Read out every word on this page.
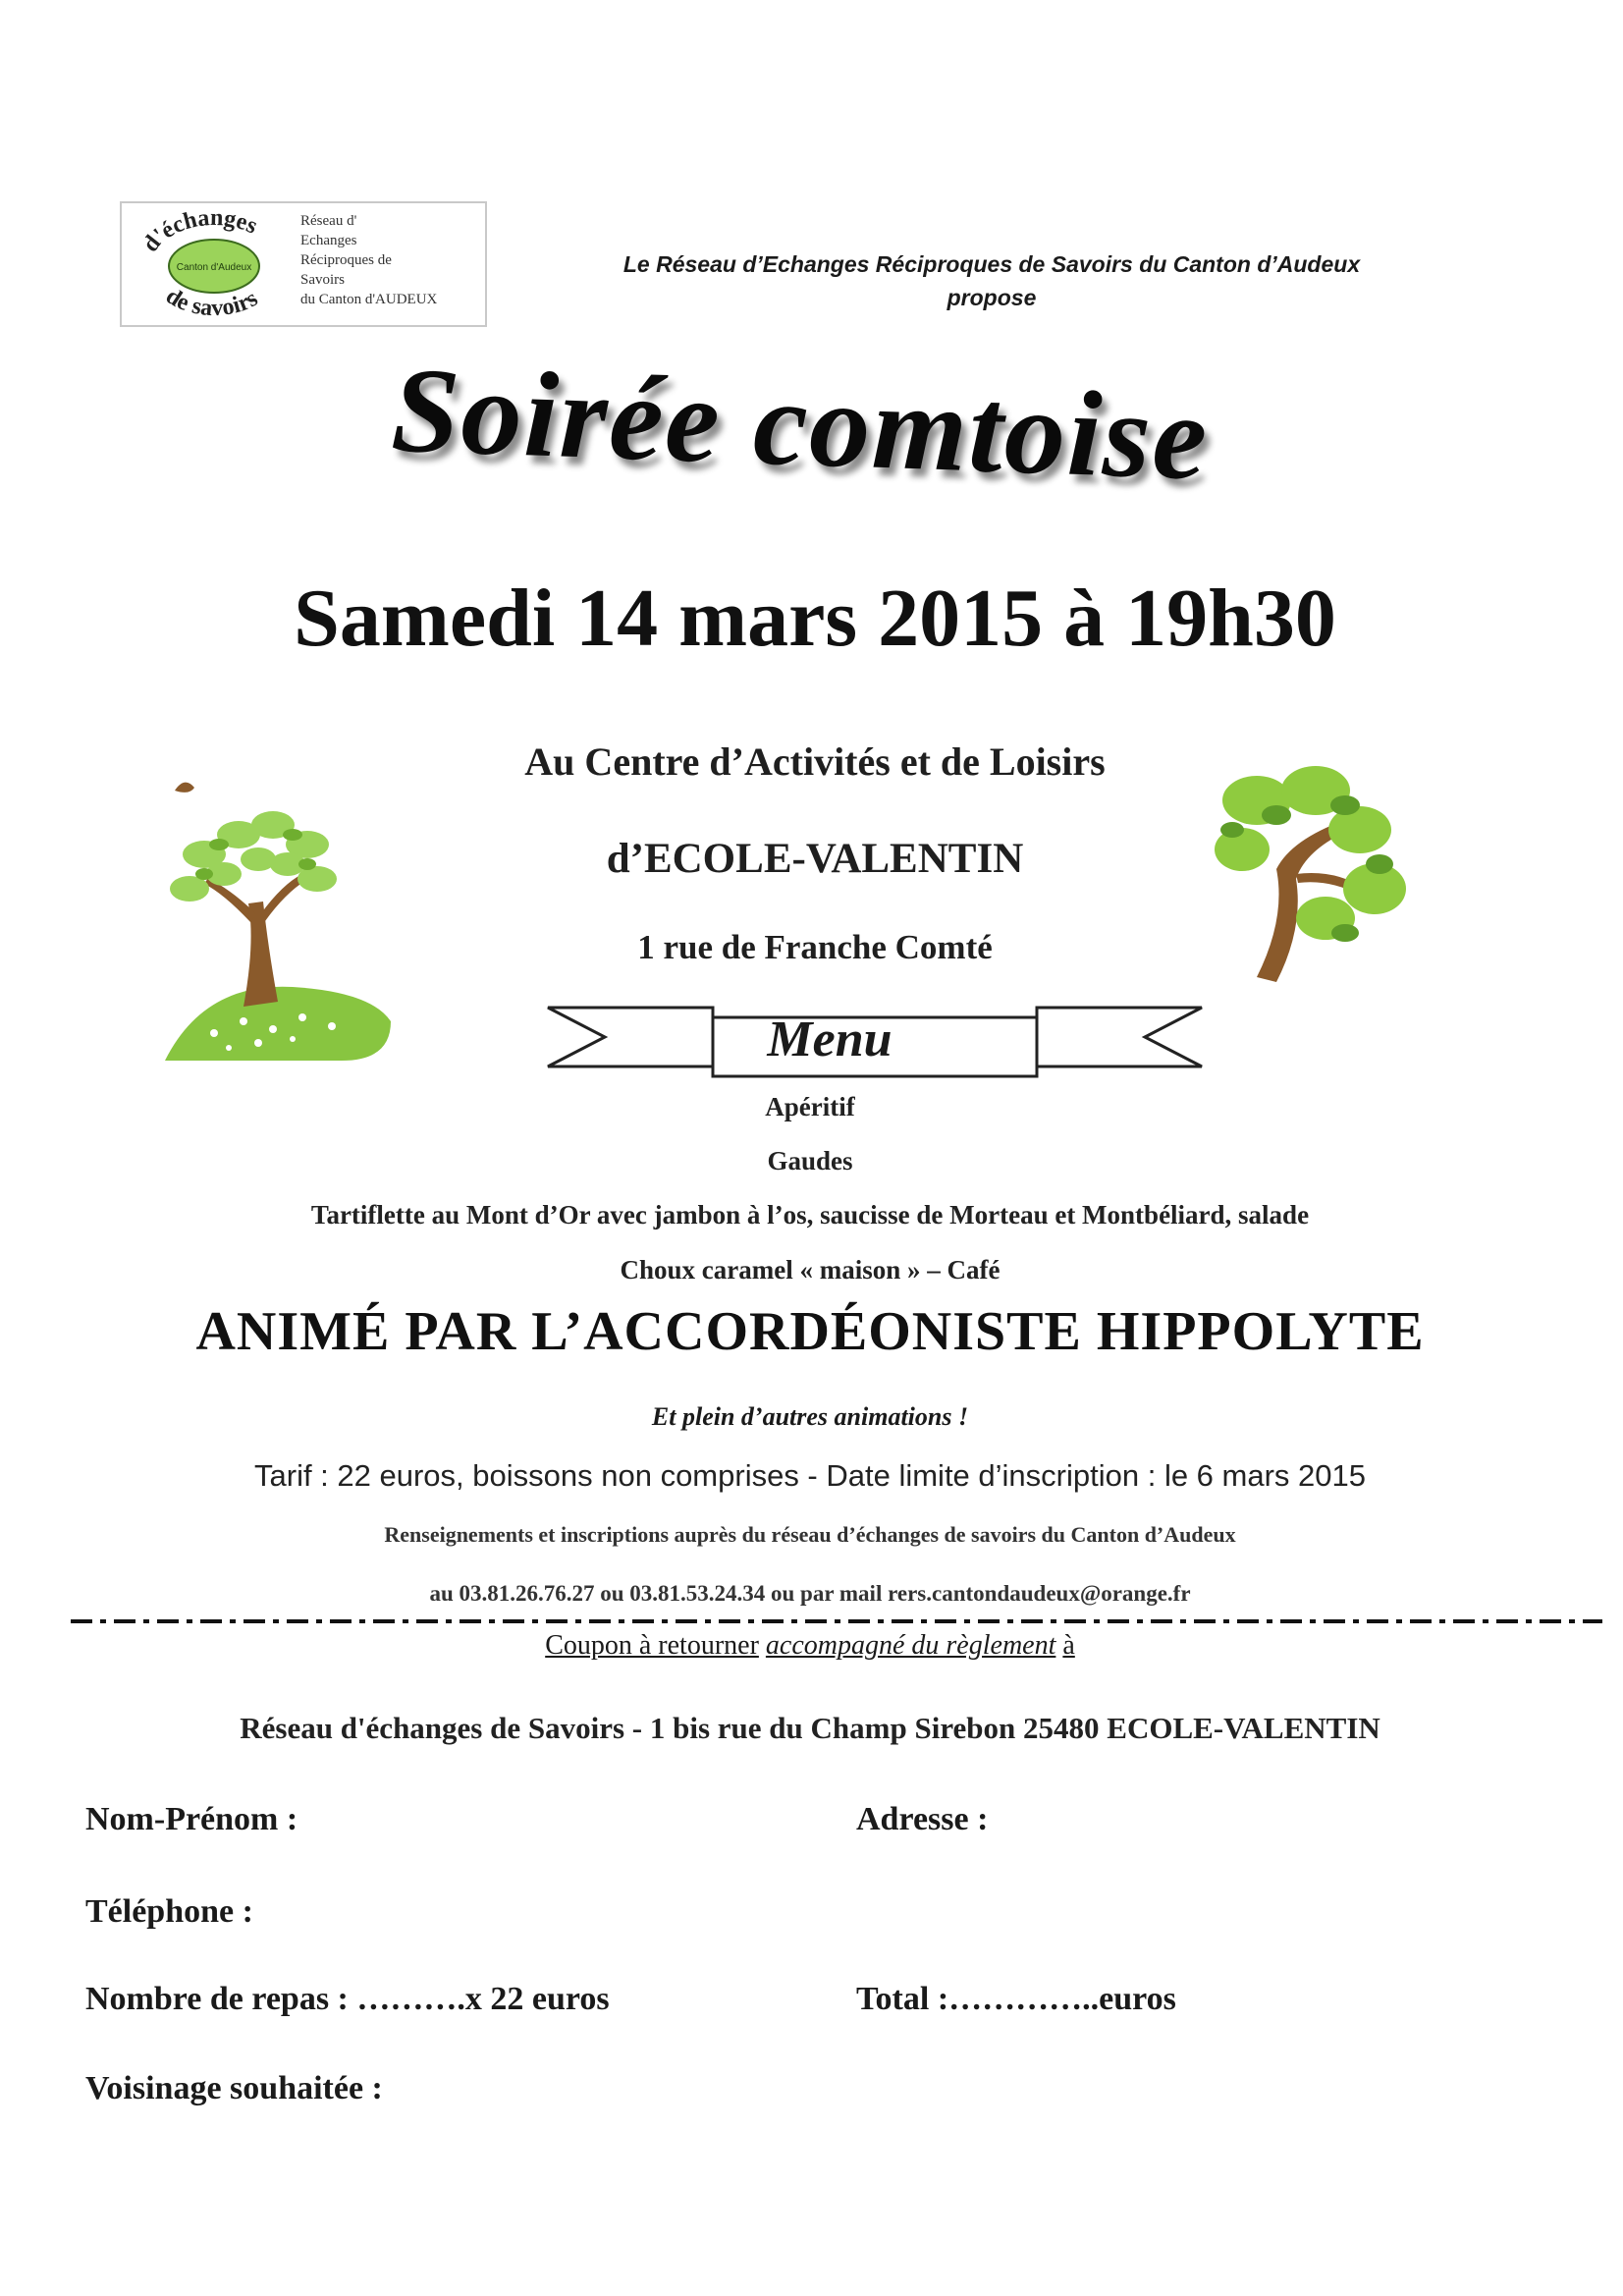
d'échanges
de savoirs
Canton d'Audeux
Réseau d'
Echanges
Réciproques de
Savoirs
du Canton d'AUDEUX
Le Réseau d’Echanges Réciproques de Savoirs du Canton d’Audeux
propose
Soirée comtoise
Samedi 14 mars 2015 à 19h30
Au Centre d’Activités et de Loisirs
d’ECOLE-VALENTIN
1 rue de Franche Comté
Menu
Apéritif
Gaudes
Tartiflette au Mont d’Or avec jambon à l’os, saucisse de Morteau et Montbéliard, salade
Choux caramel « maison » – Café
ANIMÉ PAR L’ACCORDÉONISTE HIPPOLYTE
Et plein d’autres animations !
Tarif : 22 euros, boissons non comprises - Date limite d’inscription : le 6 mars 2015
Renseignements et inscriptions auprès du réseau d’échanges de savoirs du Canton d’Audeux
au 03.81.26.76.27 ou 03.81.53.24.34 ou par mail rers.cantondaudeux@orange.fr
Coupon à retourner accompagné du règlement à
Réseau d'échanges de Savoirs - 1 bis rue du Champ Sirebon 25480 ECOLE-VALENTIN
Nom-Prénom :	Adresse :
Téléphone :
Nombre de repas : ……….x 22 euros	Total :…………..euros
Voisinage souhaitée :
